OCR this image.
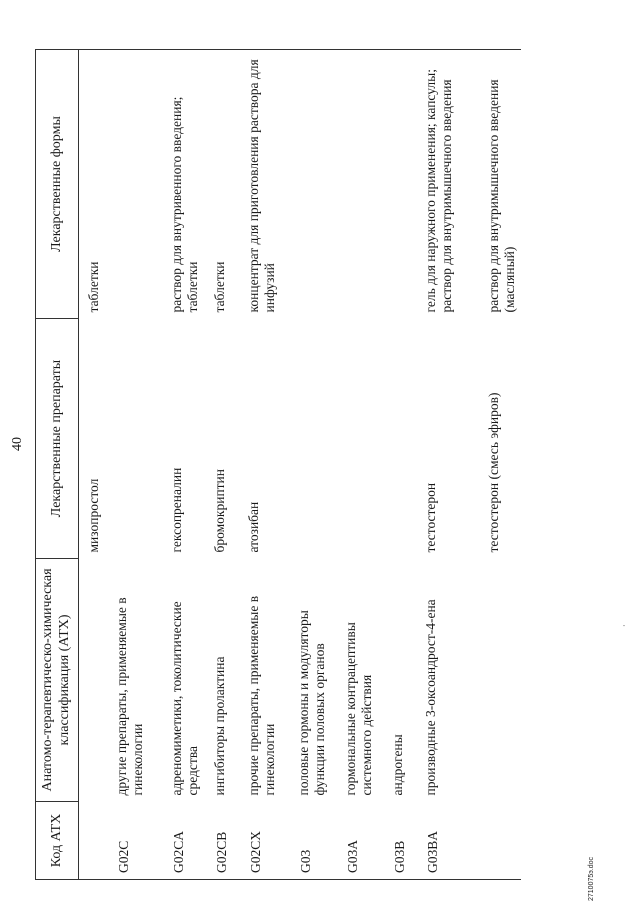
40
Код АТХ	Анатомо-терапевтическо-химическая классификация (АТХ)	Лекарственные препараты	Лекарственные формы

		мизопростол	таблетки

G02C	другие препараты, применяемые в гинекологии		

G02CA	адреномиметики, токолитические средства	гексопреналин	раствор для внутривенного введения; таблетки

G02CB	ингибиторы пролактина	бромокриптин	таблетки

G02CX	прочие препараты, применяемые в гинекологии	атозибан	концентрат для приготовления раствора для инфузий

G03	половые гормоны и модуляторы функции половых органов		

G03A	гормональные контрацептивы системного действия		

G03B	андрогены		

G03BA	производные 3-оксоандрост-4-ена	тестостерон	гель для наружного применения; капсулы; раствор для внутримышечного введения

		тестостерон (смесь эфиров)	раствор для внутримышечного введения (масляный)
2710075э.doc
·
